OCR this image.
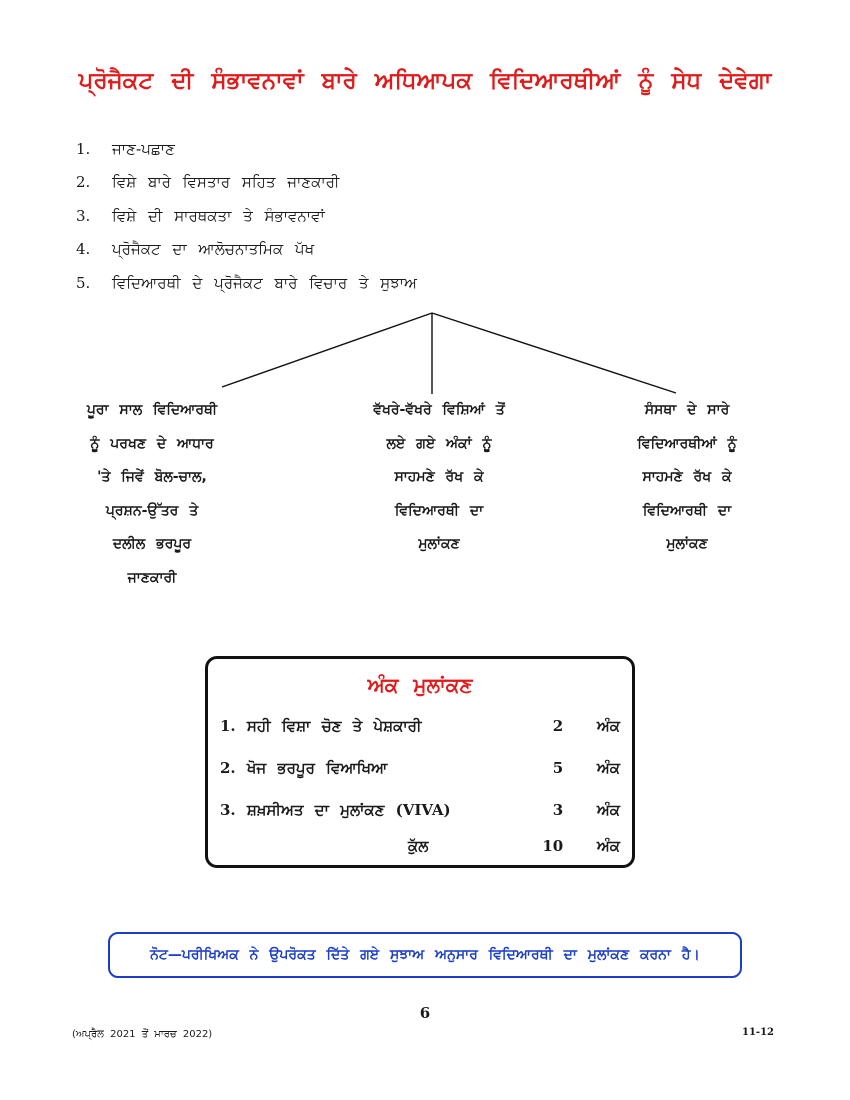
ਪ੍ਰੋਜੈਕਟ ਦੀ ਸੰਭਾਵਨਾਵਾਂ ਬਾਰੇ ਅਧਿਆਪਕ ਵਿਦਿਆਰਥੀਆਂ ਨੂੰ ਸੇਧ ਦੇਵੇਗਾ
1.	ਜਾਣ-ਪਛਾਣ
2.	ਵਿਸ਼ੇ ਬਾਰੇ ਵਿਸਤਾਰ ਸਹਿਤ ਜਾਣਕਾਰੀ
3.	ਵਿਸ਼ੇ ਦੀ ਸਾਰਥਕਤਾ ਤੇ ਸੰਭਾਵਨਾਵਾਂ
4.	ਪ੍ਰੋਜੈਕਟ ਦਾ ਆਲੋਚਨਾਤਮਿਕ ਪੱਖ
5.	ਵਿਦਿਆਰਥੀ ਦੇ ਪ੍ਰੋਜੈਕਟ ਬਾਰੇ ਵਿਚਾਰ ਤੇ ਸੁਝਾਅ
ਪੂਰਾ ਸਾਲ ਵਿਦਿਆਰਥੀ
ਨੂੰ ਪਰਖਣ ਦੇ ਆਧਾਰ
'ਤੇ ਜਿਵੇਂ ਬੋਲ-ਚਾਲ,
ਪ੍ਰਸ਼ਨ-ਉੱਤਰ ਤੇ
ਦਲੀਲ ਭਰਪੂਰ
ਜਾਣਕਾਰੀ
ਵੱਖਰੇ-ਵੱਖਰੇ ਵਿਸ਼ਿਆਂ ਤੋਂ
ਲਏ ਗਏ ਅੰਕਾਂ ਨੂੰ
ਸਾਹਮਣੇ ਰੱਖ ਕੇ
ਵਿਦਿਆਰਥੀ ਦਾ
ਮੁਲਾਂਕਣ
ਸੰਸਥਾ ਦੇ ਸਾਰੇ
ਵਿਦਿਆਰਥੀਆਂ ਨੂੰ
ਸਾਹਮਣੇ ਰੱਖ ਕੇ
ਵਿਦਿਆਰਥੀ ਦਾ
ਮੁਲਾਂਕਣ
ਅੰਕ ਮੁਲਾਂਕਣ
1. ਸਹੀ ਵਿਸ਼ਾ ਚੋਣ ਤੇ ਪੇਸ਼ਕਾਰੀ	2 ਅੰਕ
2. ਖੋਜ ਭਰਪੂਰ ਵਿਆਖਿਆ	5 ਅੰਕ
3. ਸ਼ਖ਼ਸੀਅਤ ਦਾ ਮੁਲਾਂਕਣ (VIVA)	3 ਅੰਕ
ਕੁੱਲ	10 ਅੰਕ
ਨੋਟ—ਪਰੀਖਿਅਕ ਨੇ ਉਪਰੋਕਤ ਦਿੱਤੇ ਗਏ ਸੁਝਾਅ ਅਨੁਸਾਰ ਵਿਦਿਆਰਥੀ ਦਾ ਮੁਲਾਂਕਣ ਕਰਨਾ ਹੈ।
6
(ਅਪ੍ਰੈਲ 2021 ਤੋਂ ਮਾਰਚ 2022)	11-12
